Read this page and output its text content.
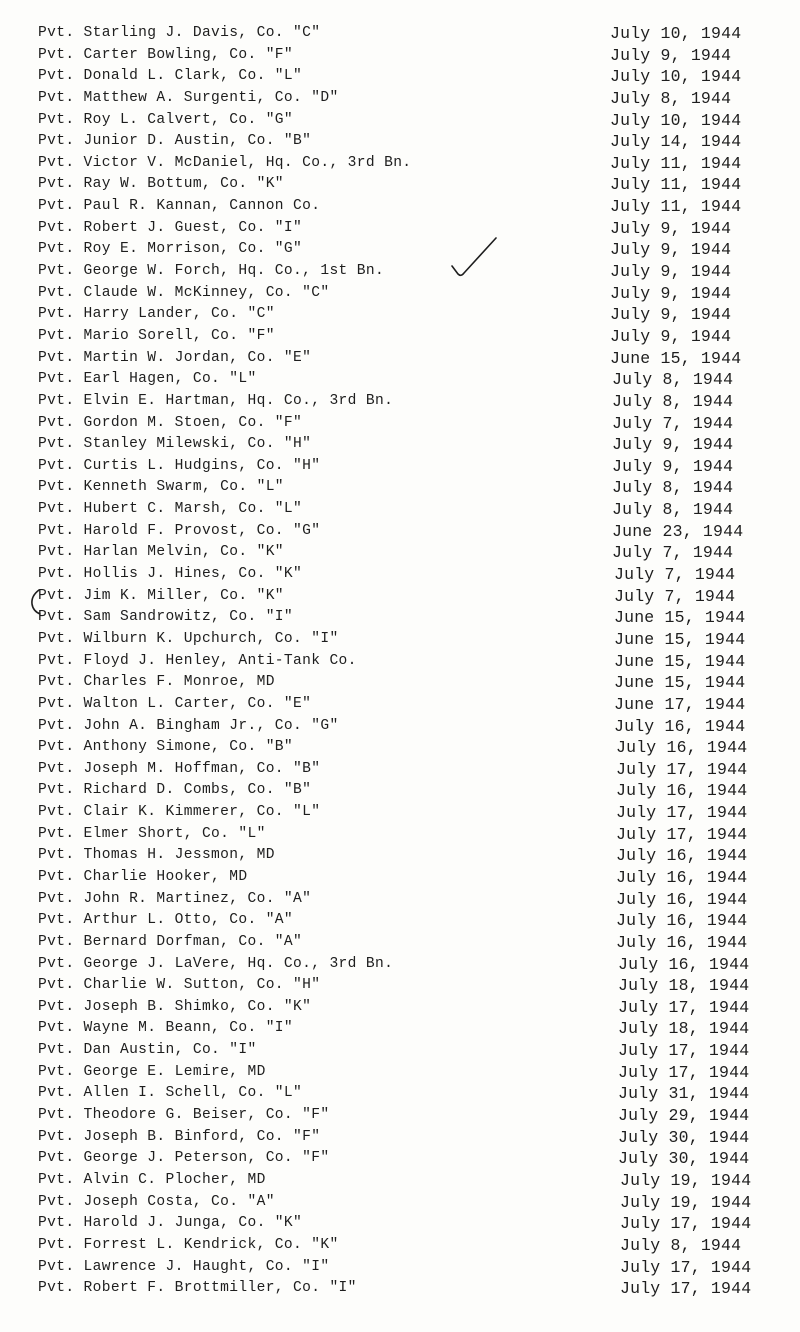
Pvt. Starling J. Davis, Co. "C"	July 10, 1944
Pvt. Carter Bowling, Co. "F"	July 9, 1944
Pvt. Donald L. Clark, Co. "L"	July 10, 1944
Pvt. Matthew A. Surgenti, Co. "D"	July 8, 1944
Pvt. Roy L. Calvert, Co. "G"	July 10, 1944
Pvt. Junior D. Austin, Co. "B"	July 14, 1944
Pvt. Victor V. McDaniel, Hq. Co., 3rd Bn.	July 11, 1944
Pvt. Ray W. Bottum, Co. "K"	July 11, 1944
Pvt. Paul R. Kannan, Cannon Co.	July 11, 1944
Pvt. Robert J. Guest, Co. "I"	July 9, 1944
Pvt. Roy E. Morrison, Co. "G"	July 9, 1944
Pvt. George W. Forch, Hq. Co., 1st Bn.	July 9, 1944
Pvt. Claude W. McKinney, Co. "C"	July 9, 1944
Pvt. Harry Lander, Co. "C"	July 9, 1944
Pvt. Mario Sorell, Co. "F"	July 9, 1944
Pvt. Martin W. Jordan, Co. "E"	June 15, 1944
Pvt. Earl Hagen, Co. "L"	July 8, 1944
Pvt. Elvin E. Hartman, Hq. Co., 3rd Bn.	July 8, 1944
Pvt. Gordon M. Stoen, Co. "F"	July 7, 1944
Pvt. Stanley Milewski, Co. "H"	July 9, 1944
Pvt. Curtis L. Hudgins, Co. "H"	July 9, 1944
Pvt. Kenneth Swarm, Co. "L"	July 8, 1944
Pvt. Hubert C. Marsh, Co. "L"	July 8, 1944
Pvt. Harold F. Provost, Co. "G"	June 23, 1944
Pvt. Harlan Melvin, Co. "K"	July 7, 1944
Pvt. Hollis J. Hines, Co. "K"	July 7, 1944
Pvt. Jim K. Miller, Co. "K"	July 7, 1944
Pvt. Sam Sandrowitz, Co. "I"	June 15, 1944
Pvt. Wilburn K. Upchurch, Co. "I"	June 15, 1944
Pvt. Floyd J. Henley, Anti-Tank Co.	June 15, 1944
Pvt. Charles F. Monroe, MD	June 15, 1944
Pvt. Walton L. Carter, Co. "E"	June 17, 1944
Pvt. John A. Bingham Jr., Co. "G"	July 16, 1944
Pvt. Anthony Simone, Co. "B"	July 16, 1944
Pvt. Joseph M. Hoffman, Co. "B"	July 17, 1944
Pvt. Richard D. Combs, Co. "B"	July 16, 1944
Pvt. Clair K. Kimmerer, Co. "L"	July 17, 1944
Pvt. Elmer Short, Co. "L"	July 17, 1944
Pvt. Thomas H. Jessmon, MD	July 16, 1944
Pvt. Charlie Hooker, MD	July 16, 1944
Pvt. John R. Martinez, Co. "A"	July 16, 1944
Pvt. Arthur L. Otto, Co. "A"	July 16, 1944
Pvt. Bernard Dorfman, Co. "A"	July 16, 1944
Pvt. George J. LaVere, Hq. Co., 3rd Bn.	July 16, 1944
Pvt. Charlie W. Sutton, Co. "H"	July 18, 1944
Pvt. Joseph B. Shimko, Co. "K"	July 17, 1944
Pvt. Wayne M. Beann, Co. "I"	July 18, 1944
Pvt. Dan Austin, Co. "I"	July 17, 1944
Pvt. George E. Lemire, MD	July 17, 1944
Pvt. Allen I. Schell, Co. "L"	July 31, 1944
Pvt. Theodore G. Beiser, Co. "F"	July 29, 1944
Pvt. Joseph B. Binford, Co. "F"	July 30, 1944
Pvt. George J. Peterson, Co. "F"	July 30, 1944
Pvt. Alvin C. Plocher, MD	July 19, 1944
Pvt. Joseph Costa, Co. "A"	July 19, 1944
Pvt. Harold J. Junga, Co. "K"	July 17, 1944
Pvt. Forrest L. Kendrick, Co. "K"	July 8, 1944
Pvt. Lawrence J. Haught, Co. "I"	July 17, 1944
Pvt. Robert F. Brottmiller, Co. "I"	July 17, 1944
